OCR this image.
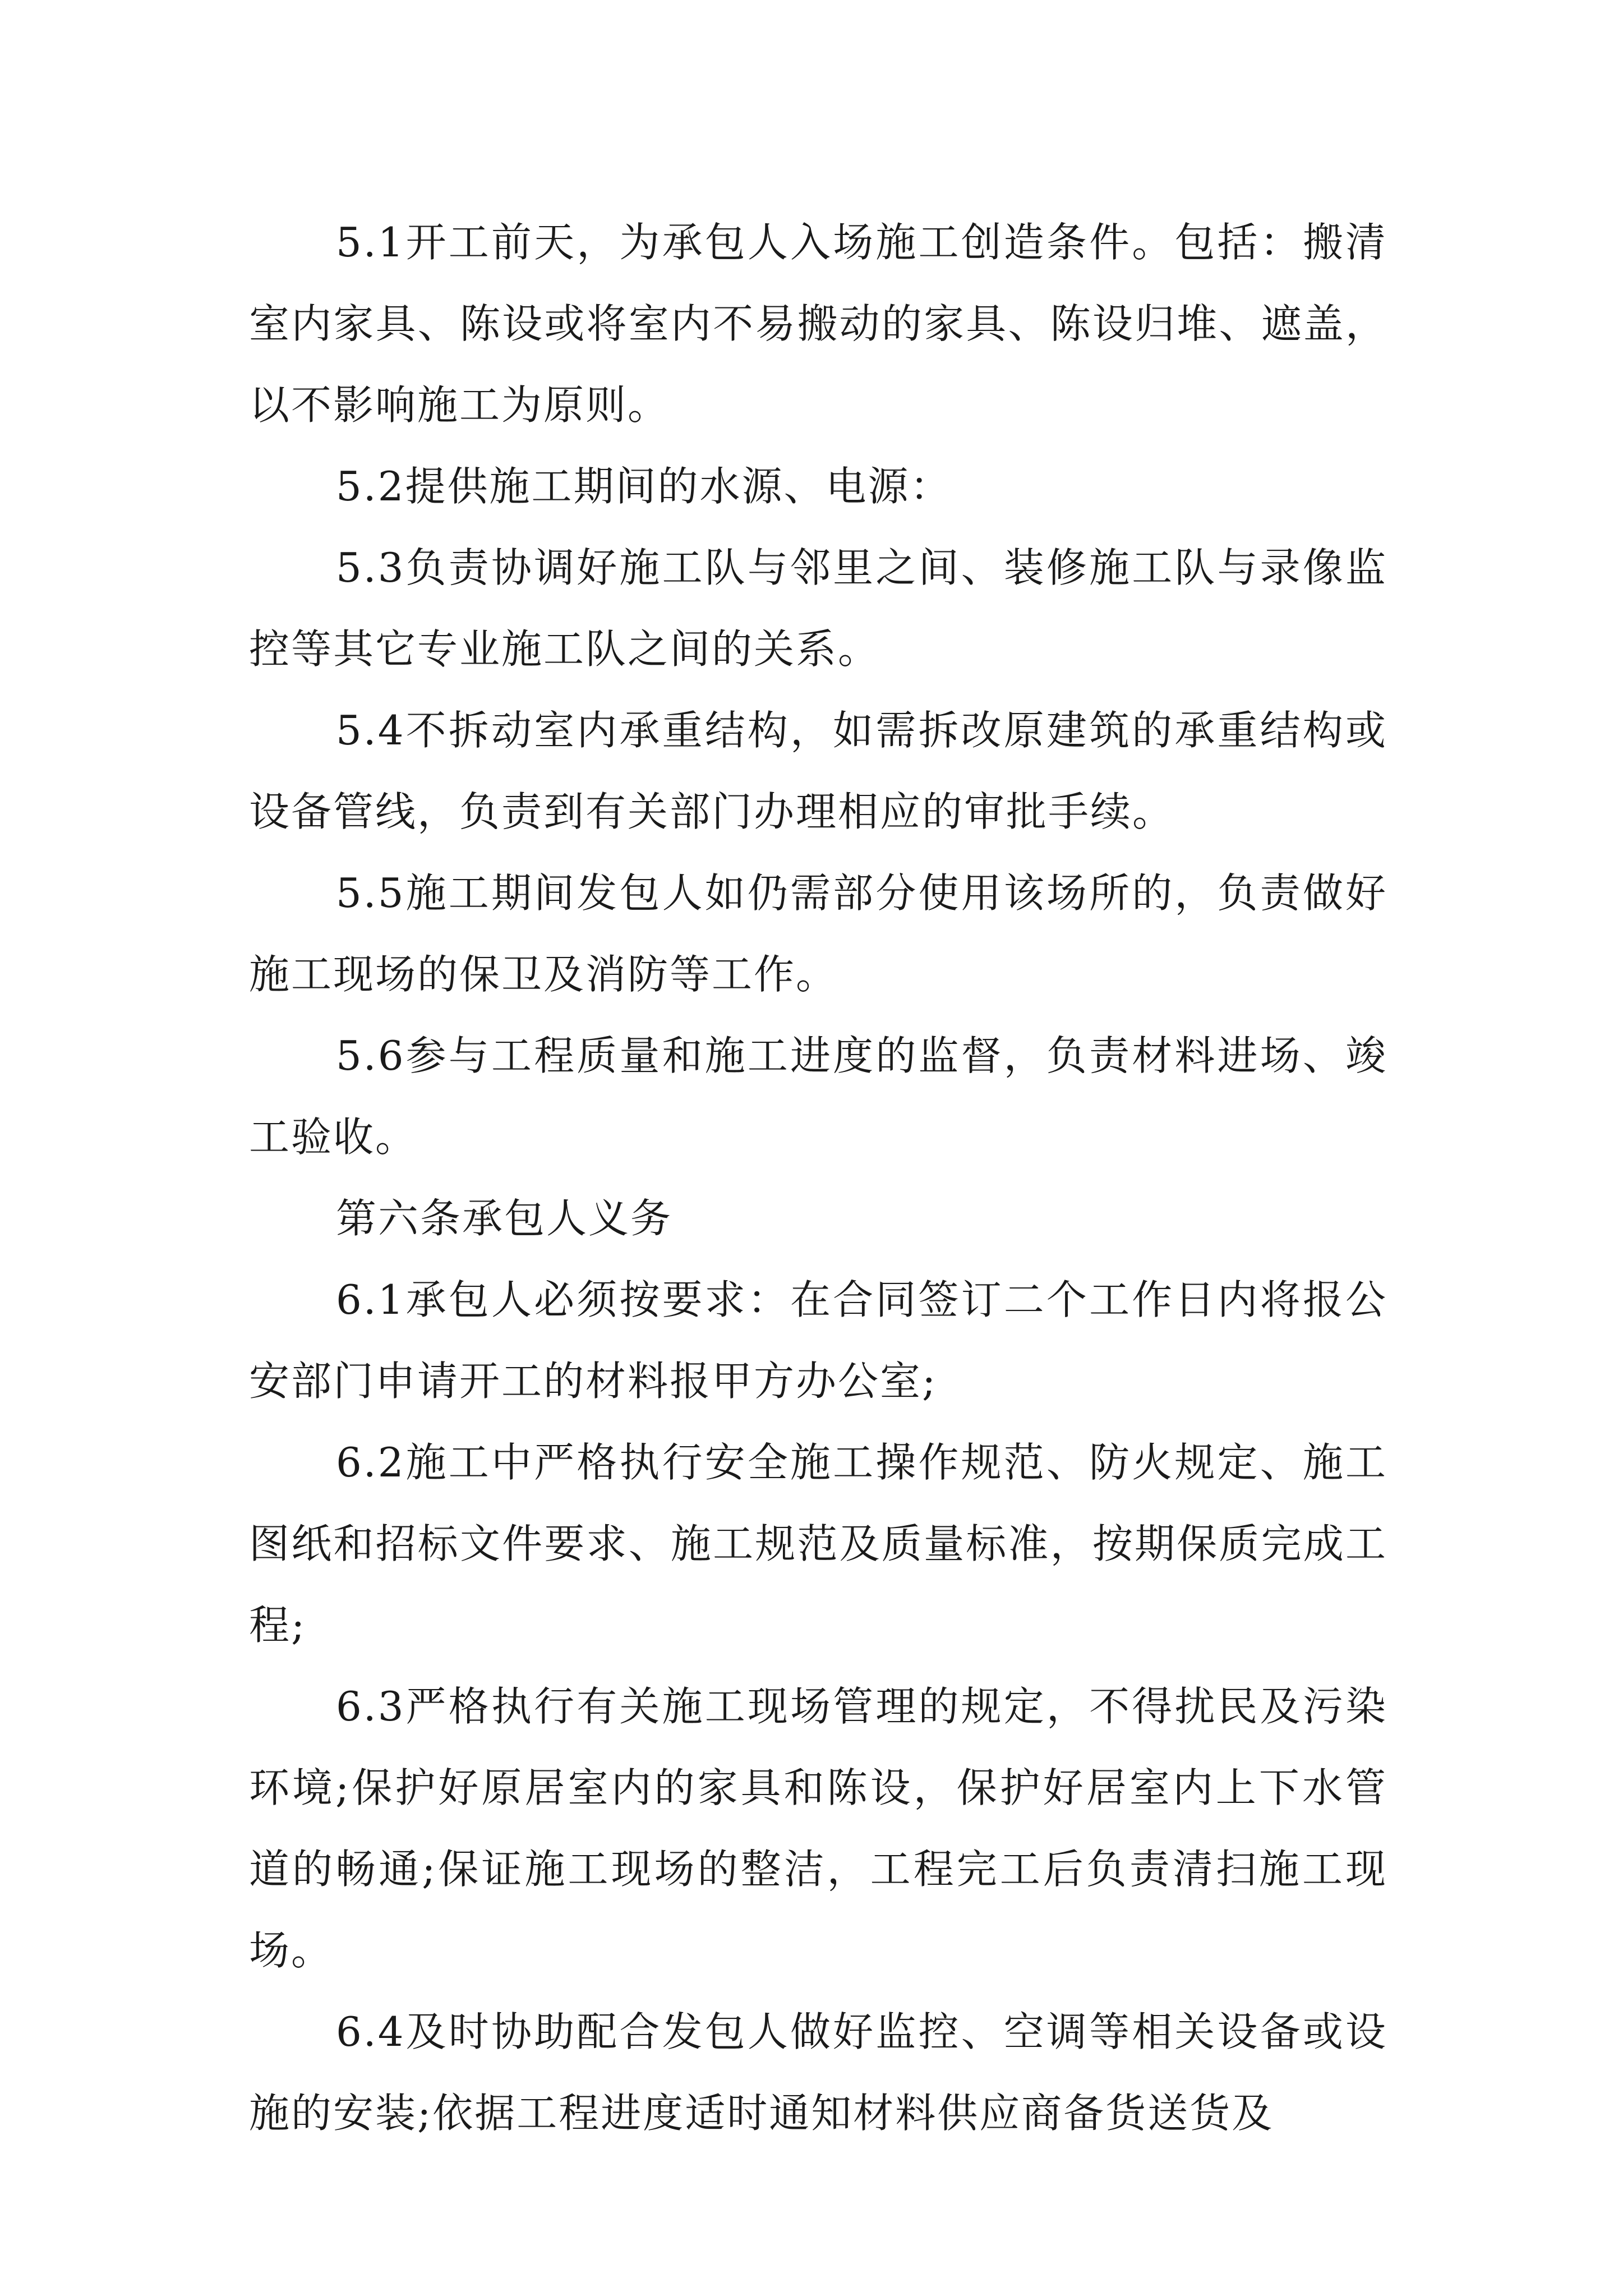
5.1开工前天，为承包人入场施工创造条件。包括：搬清室内家具、陈设或将室内不易搬动的家具、陈设归堆、遮盖，以不影响施工为原则。

5.2提供施工期间的水源、电源：

5.3负责协调好施工队与邻里之间、装修施工队与录像监控等其它专业施工队之间的关系。

5.4不拆动室内承重结构，如需拆改原建筑的承重结构或设备管线，负责到有关部门办理相应的审批手续。

5.5施工期间发包人如仍需部分使用该场所的，负责做好施工现场的保卫及消防等工作。

5.6参与工程质量和施工进度的监督，负责材料进场、竣工验收。

第六条承包人义务

6.1承包人必须按要求：在合同签订二个工作日内将报公安部门申请开工的材料报甲方办公室;

6.2施工中严格执行安全施工操作规范、防火规定、施工图纸和招标文件要求、施工规范及质量标准，按期保质完成工程;

6.3严格执行有关施工现场管理的规定，不得扰民及污染环境;保护好原居室内的家具和陈设，保护好居室内上下水管道的畅通;保证施工现场的整洁，工程完工后负责清扫施工现场。

6.4及时协助配合发包人做好监控、空调等相关设备或设施的安装;依据工程进度适时通知材料供应商备货送货及
